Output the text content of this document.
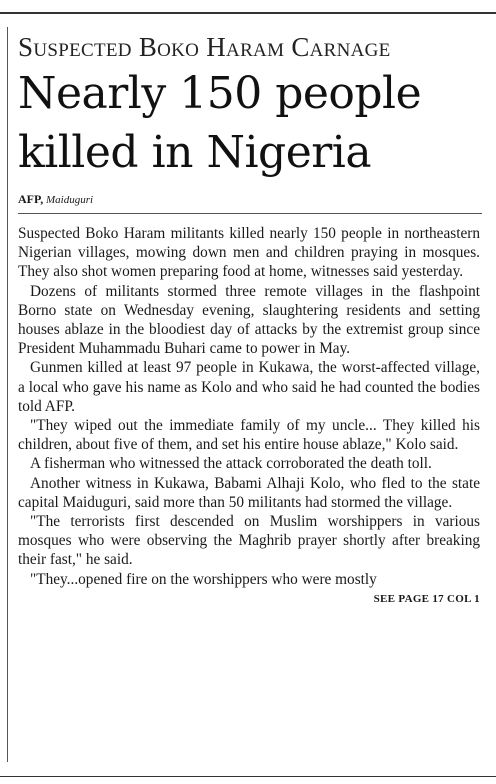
Suspected Boko Haram Carnage
Nearly 150 people
killed in Nigeria
AFP, Maiduguri

Suspected Boko Haram militants killed nearly 150 people in northeastern Nigerian villages, mowing down men and children praying in mosques. They also shot women preparing food at home, witnesses said yesterday.

Dozens of militants stormed three remote villages in the flashpoint Borno state on Wednesday evening, slaughtering residents and setting houses ablaze in the bloodiest day of attacks by the extremist group since President Muhammadu Buhari came to power in May.

Gunmen killed at least 97 people in Kukawa, the worst-affected village, a local who gave his name as Kolo and who said he had counted the bodies told AFP.

"They wiped out the immediate family of my uncle... They killed his children, about five of them, and set his entire house ablaze," Kolo said.

A fisherman who witnessed the attack corroborated the death toll.

Another witness in Kukawa, Babami Alhaji Kolo, who fled to the state capital Maiduguri, said more than 50 militants had stormed the village.

"The terrorists first descended on Muslim worshippers in various mosques who were observing the Maghrib prayer shortly after breaking their fast," he said.

"They...opened fire on the worshippers who were mostly

SEE PAGE 17 COL 1
